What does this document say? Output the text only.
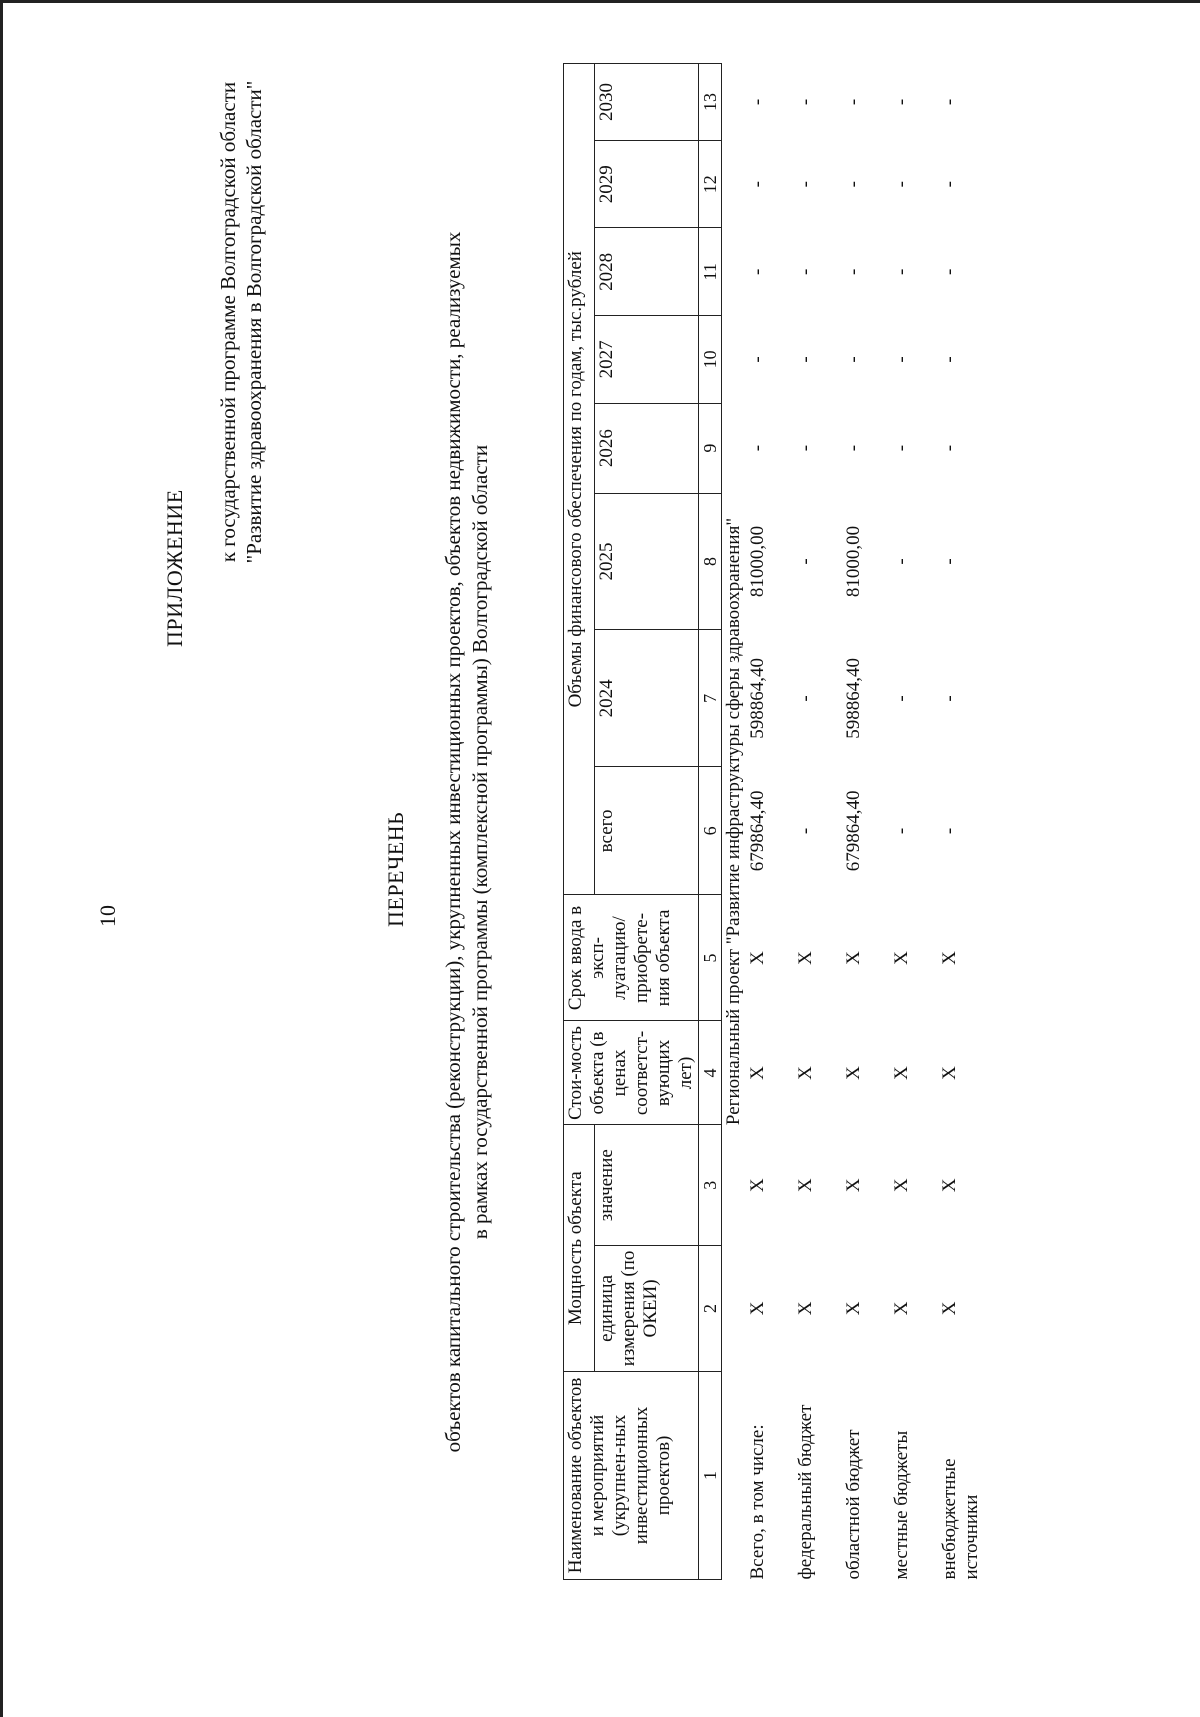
10
ПРИЛОЖЕНИЕ
к государственной программе Волгоградской области "Развитие здравоохранения в Волгоградской области"
ПЕРЕЧЕНЬ объектов капитального строительства (реконструкции), укрупненных инвестиционных проектов, объектов недвижимости, реализуемых в рамках государственной программы (комплексной программы) Волгоградской области
Наименование объектов и мероприятий (укрупнен-ных инвестиционных проектов)	Мощность объекта		Стои-мость объекта (в ценах соответст-вующих лет)	Срок ввода в эксп-луатацию/ приобрете-ния объекта	Объемы финансового обеспечения по годам, тыс.рублей							
	единица измерения (по ОКЕИ)	значение			всего	2024	2025	2026	2027	2028	2029	2030
1	2	3	4	5	6	7	8	9	10	11	12	13
Региональный проект "Развитие инфраструктуры сферы здравоохранения"												
Всего, в том числе:	Х	Х	Х	Х	679864,40	598864,40	81000,00	-	-	-	-	-
федеральный бюджет	Х	Х	Х	Х	-	-	-	-	-	-	-	-
областной бюджет	Х	Х	Х	Х	679864,40	598864,40	81000,00	-	-	-	-	-
местные бюджеты	Х	Х	Х	Х	-	-	-	-	-	-	-	-
внебюджетные источники	Х	Х	Х	Х	-	-	-	-	-	-	-	-
